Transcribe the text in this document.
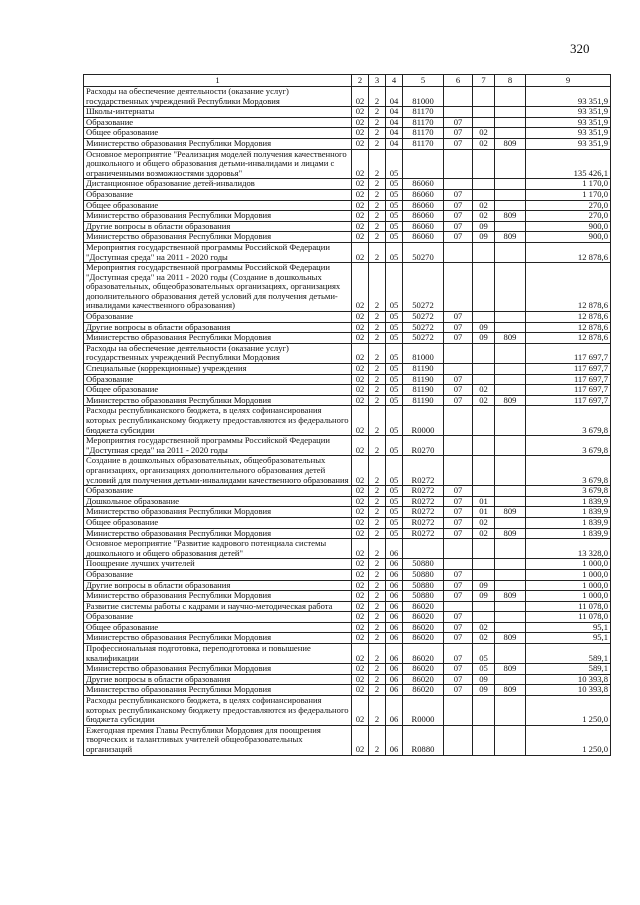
320
1	2	3	4	5	6	7	8	9
Расходы на обеспечение деятельности (оказание услуг) государственных учреждений Республики Мордовия	02	2	04	81000				93 351,9
Школы-интернаты	02	2	04	81170				93 351,9
Образование	02	2	04	81170	07			93 351,9
Общее образование	02	2	04	81170	07	02		93 351,9
Министерство образования Республики Мордовия	02	2	04	81170	07	02	809	93 351,9
Основное мероприятие "Реализация моделей получения качественного дошкольного и общего образования детьми-инвалидами и лицами с ограниченными возможностями здоровья"	02	2	05					135 426,1
Дистанционное образование детей-инвалидов	02	2	05	86060				1 170,0
Образование	02	2	05	86060	07			1 170,0
Общее образование	02	2	05	86060	07	02		270,0
Министерство образования Республики Мордовия	02	2	05	86060	07	02	809	270,0
Другие вопросы в области образования	02	2	05	86060	07	09		900,0
Министерство образования Республики Мордовия	02	2	05	86060	07	09	809	900,0
Мероприятия государственной программы Российской Федерации "Доступная среда" на 2011 - 2020 годы	02	2	05	50270				12 878,6
Мероприятия государственной программы Российской Федерации "Доступная среда" на 2011 - 2020 годы (Создание в дошкольных образовательных, общеобразовательных организациях, организациях дополнительного образования детей условий для получения детьми-инвалидами качественного образования)	02	2	05	50272				12 878,6
Образование	02	2	05	50272	07			12 878,6
Другие вопросы в области образования	02	2	05	50272	07	09		12 878,6
Министерство образования Республики Мордовия	02	2	05	50272	07	09	809	12 878,6
Расходы на обеспечение деятельности (оказание услуг) государственных учреждений Республики Мордовия	02	2	05	81000				117 697,7
Специальные (коррекционные) учреждения	02	2	05	81190				117 697,7
Образование	02	2	05	81190	07			117 697,7
Общее образование	02	2	05	81190	07	02		117 697,7
Министерство образования Республики Мордовия	02	2	05	81190	07	02	809	117 697,7
Расходы республиканского бюджета, в целях софинансирования которых республиканскому бюджету предоставляются из федерального бюджета субсидии	02	2	05	R0000				3 679,8
Мероприятия государственной программы Российской Федерации "Доступная среда" на 2011 - 2020 годы	02	2	05	R0270				3 679,8
Создание в дошкольных образовательных, общеобразовательных организациях, организациях дополнительного образования детей условий для получения детьми-инвалидами качественного образования	02	2	05	R0272				3 679,8
Образование	02	2	05	R0272	07			3 679,8
Дошкольное образование	02	2	05	R0272	07	01		1 839,9
Министерство образования Республики Мордовия	02	2	05	R0272	07	01	809	1 839,9
Общее образование	02	2	05	R0272	07	02		1 839,9
Министерство образования Республики Мордовия	02	2	05	R0272	07	02	809	1 839,9
Основное мероприятие "Развитие кадрового потенциала системы дошкольного и общего образования детей"	02	2	06					13 328,0
Поощрение лучших учителей	02	2	06	50880				1 000,0
Образование	02	2	06	50880	07			1 000,0
Другие вопросы в области образования	02	2	06	50880	07	09		1 000,0
Министерство образования Республики Мордовия	02	2	06	50880	07	09	809	1 000,0
Развитие системы работы с кадрами и научно-методическая работа	02	2	06	86020				11 078,0
Образование	02	2	06	86020	07			11 078,0
Общее образование	02	2	06	86020	07	02		95,1
Министерство образования Республики Мордовия	02	2	06	86020	07	02	809	95,1
Профессиональная подготовка, переподготовка и повышение квалификации	02	2	06	86020	07	05		589,1
Министерство образования Республики Мордовия	02	2	06	86020	07	05	809	589,1
Другие вопросы в области образования	02	2	06	86020	07	09		10 393,8
Министерство образования Республики Мордовия	02	2	06	86020	07	09	809	10 393,8
Расходы республиканского бюджета, в целях софинансирования которых республиканскому бюджету предоставляются из федерального бюджета субсидии	02	2	06	R0000				1 250,0
Ежегодная премия Главы Республики Мордовия для поощрения творческих и талантливых учителей общеобразовательных организаций	02	2	06	R0880				1 250,0
